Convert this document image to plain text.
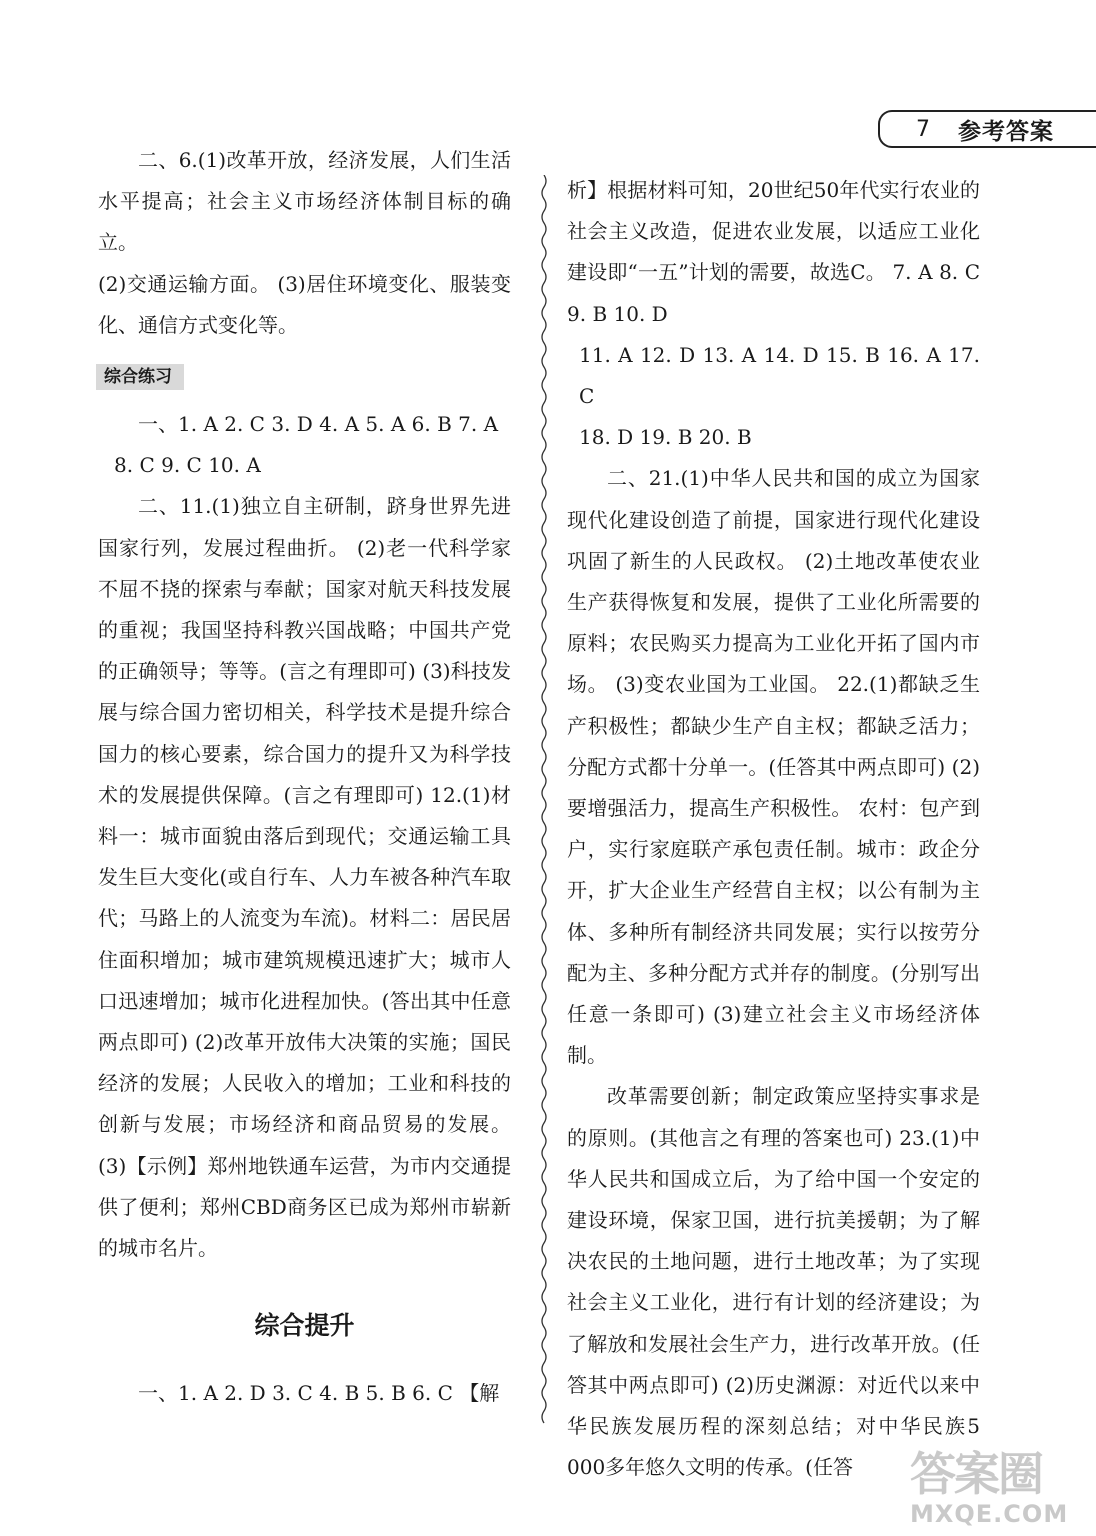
7 参考答案

二、6.(1)改革开放，经济发展，人们生活水平提高；社会主义市场经济体制目标的确立。

(2)交通运输方面。 (3)居住环境变化、服装变化、通信方式变化等。

综合练习

一、1. A 2. C 3. D 4. A 5. A 6. B 7. A

8. C 9. C 10. A

二、11.(1)独立自主研制，跻身世界先进国家行列，发展过程曲折。 (2)老一代科学家不屈不挠的探索与奉献；国家对航天科技发展的重视；我国坚持科教兴国战略；中国共产党的正确领导；等等。(言之有理即可) (3)科技发展与综合国力密切相关，科学技术是提升综合国力的核心要素，综合国力的提升又为科学技术的发展提供保障。(言之有理即可) 12.(1)材料一：城市面貌由落后到现代；交通运输工具发生巨大变化(或自行车、人力车被各种汽车取代；马路上的人流变为车流)。材料二：居民居住面积增加；城市建筑规模迅速扩大；城市人口迅速增加；城市化进程加快。(答出其中任意两点即可) (2)改革开放伟大决策的实施；国民经济的发展；人民收入的增加；工业和科技的创新与发展；市场经济和商品贸易的发展。 (3)【示例】郑州地铁通车运营，为市内交通提供了便利；郑州CBD商务区已成为郑州市崭新的城市名片。

综合提升

一、1. A 2. D 3. C 4. B 5. B 6. C 【解

析】根据材料可知，20世纪50年代实行农业的社会主义改造，促进农业发展，以适应工业化建设即“一五”计划的需要，故选C。 7. A 8. C 9. B 10. D

11. A 12. D 13. A 14. D 15. B 16. A 17. C

18. D 19. B 20. B

二、21.(1)中华人民共和国的成立为国家现代化建设创造了前提，国家进行现代化建设巩固了新生的人民政权。 (2)土地改革使农业生产获得恢复和发展，提供了工业化所需要的原料；农民购买力提高为工业化开拓了国内市场。 (3)变农业国为工业国。 22.(1)都缺乏生产积极性；都缺少生产自主权；都缺乏活力；分配方式都十分单一。(任答其中两点即可) (2)要增强活力，提高生产积极性。 农村：包产到户，实行家庭联产承包责任制。城市：政企分开，扩大企业生产经营自主权；以公有制为主体、多种所有制经济共同发展；实行以按劳分配为主、多种分配方式并存的制度。(分别写出任意一条即可) (3)建立社会主义市场经济体制。

改革需要创新；制定政策应坚持实事求是的原则。(其他言之有理的答案也可) 23.(1)中华人民共和国成立后，为了给中国一个安定的建设环境，保家卫国，进行抗美援朝；为了解决农民的土地问题，进行土地改革；为了实现社会主义工业化，进行有计划的经济建设；为了解放和发展社会生产力，进行改革开放。(任答其中两点即可) (2)历史渊源：对近代以来中华民族发展历程的深刻总结；对中华民族5 000多年悠久文明的传承。(任答	答案圈
MXQE.COM
